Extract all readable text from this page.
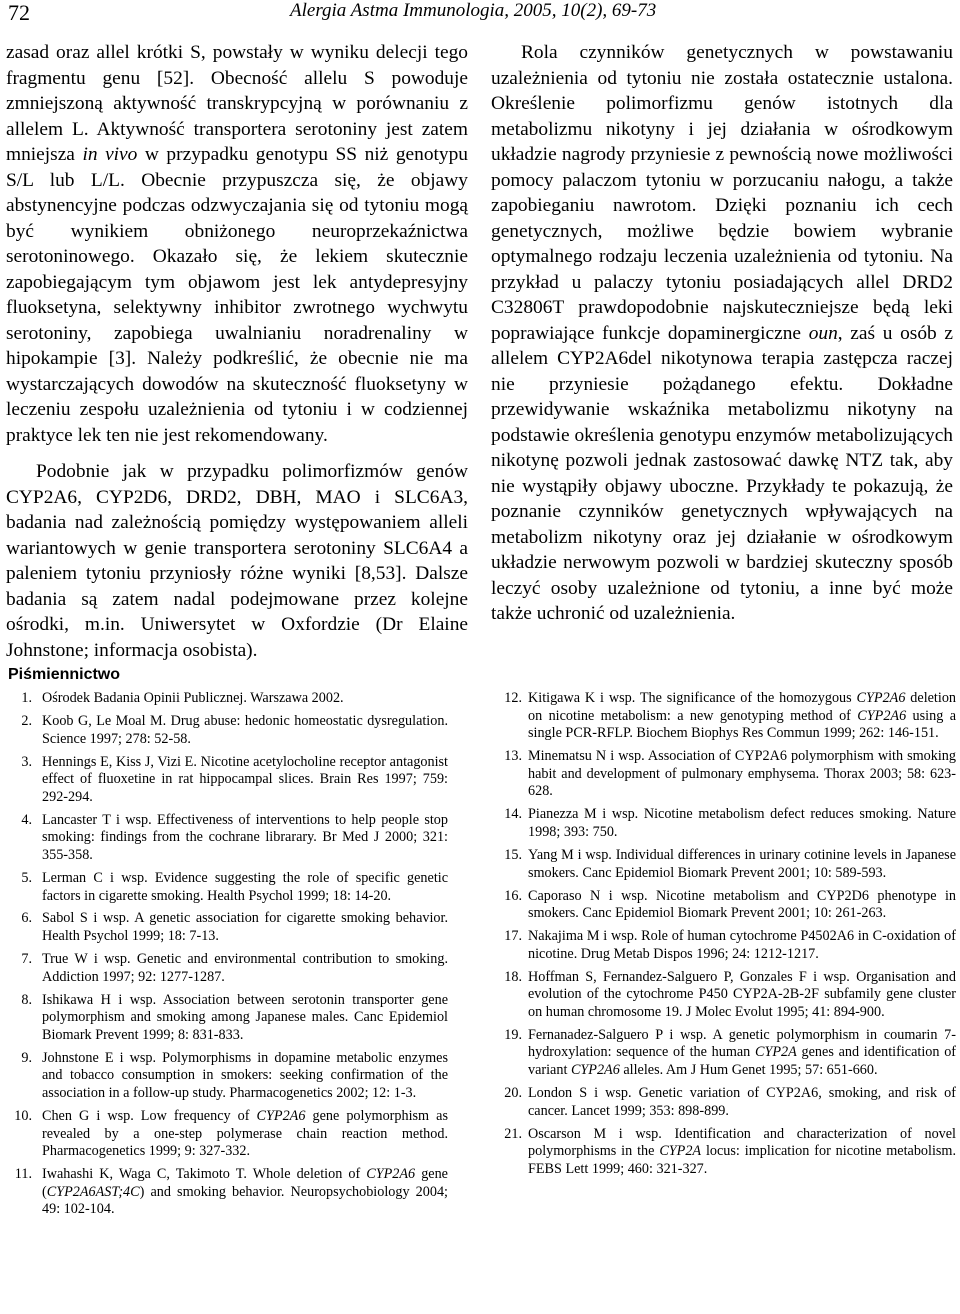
72	Alergia Astma Immunologia, 2005, 10(2), 69-73

zasad oraz allel krótki S, powstały w wyniku delecji tego fragmentu genu [52]. Obecność allelu S powoduje zmniejszoną aktywność transkrypcyjną w porównaniu z allelem L. Aktywność transportera serotoniny jest zatem mniejsza in vivo w przypadku genotypu SS niż genotypu S/L lub L/L. Obecnie przypuszcza się, że objawy abstynencyjne podczas odzwyczajania się od tytoniu mogą być wynikiem obniżonego neuroprzekaźnictwa serotoninowego. Okazało się, że lekiem skutecznie zapobiegającym tym objawom jest lek antydepresyjny fluoksetyna, selektywny inhibitor zwrotnego wychwytu serotoniny, zapobiega uwalnianiu noradrenaliny w hipokampie [3]. Należy podkreślić, że obecnie nie ma wystarczających dowodów na skuteczność fluoksetyny w leczeniu zespołu uzależnienia od tytoniu i w codziennej praktyce lek ten nie jest rekomendowany.

Podobnie jak w przypadku polimorfizmów genów CYP2A6, CYP2D6, DRD2, DBH, MAO i SLC6A3, badania nad zależnością pomiędzy występowaniem alleli wariantowych w genie transportera serotoniny SLC6A4 a paleniem tytoniu przyniosły różne wyniki [8,53]. Dalsze badania są zatem nadal podejmowane przez kolejne ośrodki, m.in. Uniwersytet w Oxfordzie (Dr Elaine Johnstone; informacja osobista).

Rola czynników genetycznych w powstawaniu uzależnienia od tytoniu nie została ostatecznie ustalona. Określenie polimorfizmu genów istotnych dla metabolizmu nikotyny i jej działania w ośrodkowym układzie nagrody przyniesie z pewnością nowe możliwości pomocy palaczom tytoniu w porzucaniu nałogu, a także zapobieganiu nawrotom. Dzięki poznaniu ich cech genetycznych, możliwe będzie bowiem wybranie optymalnego rodzaju leczenia uzależnienia od tytoniu. Na przykład u palaczy tytoniu posiadających allel DRD2 C32806T prawdopodobnie najskuteczniejsze będą leki poprawiające funkcje dopaminergiczne oun, zaś u osób z allelem CYP2A6del nikotynowa terapia zastępcza raczej nie przyniesie pożądanego efektu. Dokładne przewidywanie wskaźnika metabolizmu nikotyny na podstawie określenia genotypu enzymów metabolizujących nikotynę pozwoli jednak zastosować dawkę NTZ tak, aby nie wystąpiły objawy uboczne. Przykłady te pokazują, że poznanie czynników genetycznych wpływających na metabolizm nikotyny oraz jej działanie w ośrodkowym układzie nerwowym pozwoli w bardziej skuteczny sposób leczyć osoby uzależnione od tytoniu, a inne być może także uchronić od uzależnienia.

Piśmiennictwo
1. Ośrodek Badania Opinii Publicznej. Warszawa 2002.
2. Koob G, Le Moal M. Drug abuse: hedonic homeostatic dysregulation. Science 1997; 278: 52-58.
3. Hennings E, Kiss J, Vizi E. Nicotine acetylocholine receptor antagonist effect of fluoxetine in rat hippocampal slices. Brain Res 1997; 759: 292-294.
4. Lancaster T i wsp. Effectiveness of interventions to help people stop smoking: findings from the cochrane librarary. Br Med J 2000; 321: 355-358.
5. Lerman C i wsp. Evidence suggesting the role of specific genetic factors in cigarette smoking. Health Psychol 1999; 18: 14-20.
6. Sabol S i wsp. A genetic association for cigarette smoking behavior. Health Psychol 1999; 18: 7-13.
7. True W i wsp. Genetic and environmental contribution to smoking. Addiction 1997; 92: 1277-1287.
8. Ishikawa H i wsp. Association between serotonin transporter gene polymorphism and smoking among Japanese males. Canc Epidemiol Biomark Prevent 1999; 8: 831-833.
9. Johnstone E i wsp. Polymorphisms in dopamine metabolic enzymes and tobacco consumption in smokers: seeking confirmation of the association in a follow-up study. Pharmacogenetics 2002; 12: 1-3.
10. Chen G i wsp. Low frequency of CYP2A6 gene polymorphism as revealed by a one-step polymerase chain reaction method. Pharmacogenetics 1999; 9: 327-332.
11. Iwahashi K, Waga C, Takimoto T. Whole deletion of CYP2A6 gene (CYP2A6AST;4C) and smoking behavior. Neuropsychobiology 2004; 49: 102-104.
12. Kitigawa K i wsp. The significance of the homozygous CYP2A6 deletion on nicotine metabolism: a new genotyping method of CYP2A6 using a single PCR-RFLP. Biochem Biophys Res Commun 1999; 262: 146-151.
13. Minematsu N i wsp. Association of CYP2A6 polymorphism with smoking habit and development of pulmonary emphysema. Thorax 2003; 58: 623-628.
14. Pianezza M i wsp. Nicotine metabolism defect reduces smoking. Nature 1998; 393: 750.
15. Yang M i wsp. Individual differences in urinary cotinine levels in Japanese smokers. Canc Epidemiol Biomark Prevent 2001; 10: 589-593.
16. Caporaso N i wsp. Nicotine metabolism and CYP2D6 phenotype in smokers. Canc Epidemiol Biomark Prevent 2001; 10: 261-263.
17. Nakajima M i wsp. Role of human cytochrome P4502A6 in C-oxidation of nicotine. Drug Metab Dispos 1996; 24: 1212-1217.
18. Hoffman S, Fernandez-Salguero P, Gonzales F i wsp. Organisation and evolution of the cytochrome P450 CYP2A-2B-2F subfamily gene cluster on human chromosome 19. J Molec Evolut 1995; 41: 894-900.
19. Fernanadez-Salguero P i wsp. A genetic polymorphism in coumarin 7-hydroxylation: sequence of the human CYP2A genes and identification of variant CYP2A6 alleles. Am J Hum Genet 1995; 57: 651-660.
20. London S i wsp. Genetic variation of CYP2A6, smoking, and risk of cancer. Lancet 1999; 353: 898-899.
21. Oscarson M i wsp. Identification and characterization of novel polymorphisms in the CYP2A locus: implication for nicotine metabolism. FEBS Lett 1999; 460: 321-327.
